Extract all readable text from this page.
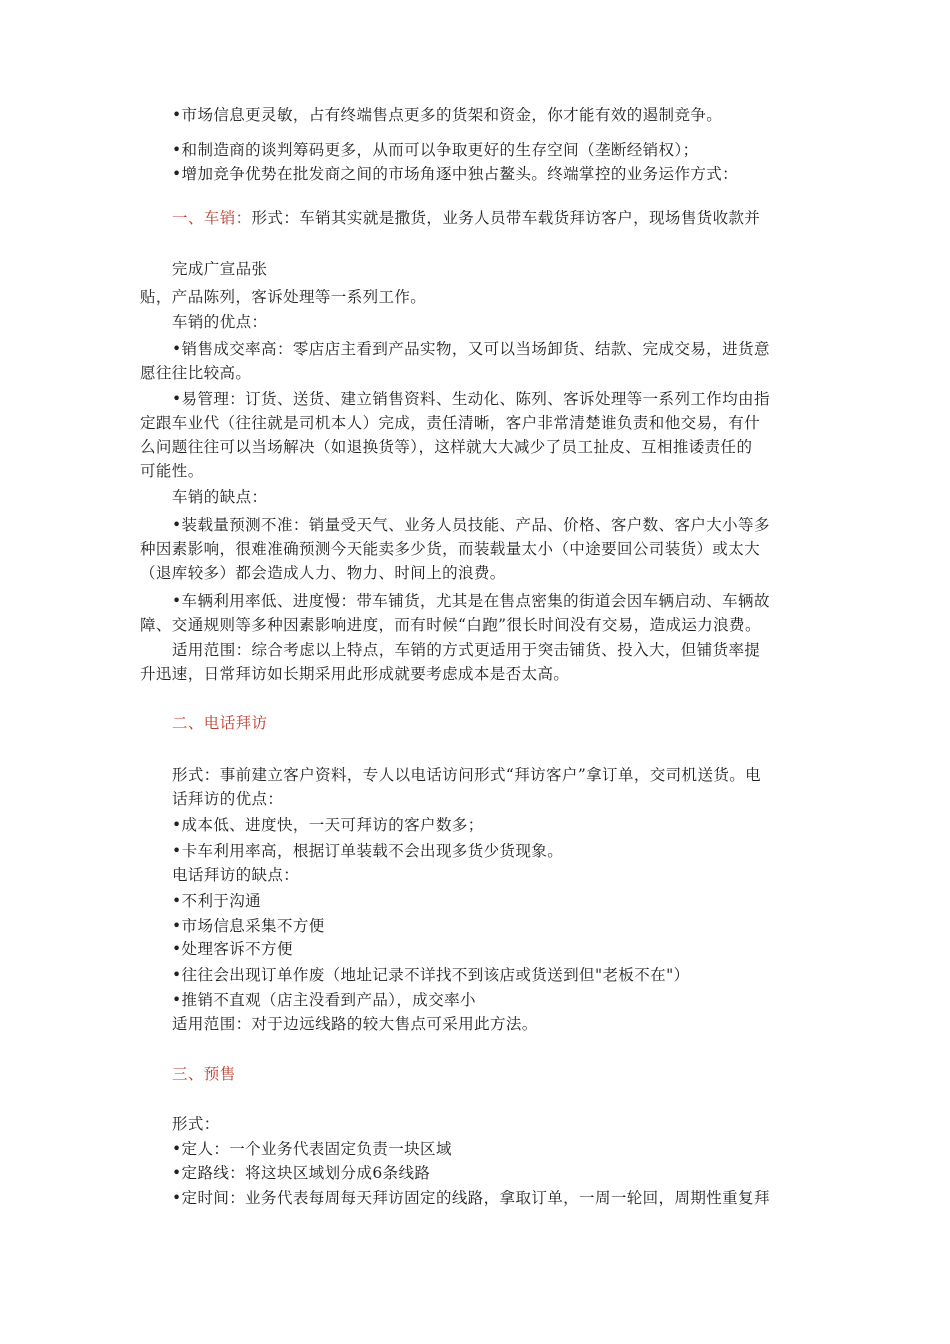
•市场信息更灵敏，占有终端售点更多的货架和资金，你才能有效的遏制竞争。
•和制造商的谈判筹码更多，从而可以争取更好的生存空间（垄断经销权）；
•增加竞争优势在批发商之间的市场角逐中独占鳌头。终端掌控的业务运作方式：
一、车销：形式：车销其实就是撒货，业务人员带车载货拜访客户，现场售货收款并
完成广宣品张
贴，产品陈列，客诉处理等一系列工作。
车销的优点：
•销售成交率高：零店店主看到产品实物，又可以当场卸货、结款、完成交易，进货意
愿往往比较高。
•易管理：订货、送货、建立销售资料、生动化、陈列、客诉处理等一系列工作均由指
定跟车业代（往往就是司机本人）完成，责任清晰，客户非常清楚谁负责和他交易，有什
么问题往往可以当场解决（如退换货等），这样就大大减少了员工扯皮、互相推诿责任的
可能性。
车销的缺点：
•装载量预测不准：销量受天气、业务人员技能、产品、价格、客户数、客户大小等多
种因素影响，很难准确预测今天能卖多少货，而装载量太小（中途要回公司装货）或太大
（退库较多）都会造成人力、物力、时间上的浪费。
•车辆利用率低、进度慢：带车铺货，尤其是在售点密集的街道会因车辆启动、车辆故
障、交通规则等多种因素影响进度，而有时候“白跑”很长时间没有交易，造成运力浪费。
适用范围：综合考虑以上特点，车销的方式更适用于突击铺货、投入大，但铺货率提
升迅速，日常拜访如长期采用此形成就要考虑成本是否太高。
二、电话拜访
形式：事前建立客户资料，专人以电话访问形式“拜访客户”拿订单，交司机送货。电
话拜访的优点：
•成本低、进度快，一天可拜访的客户数多；
•卡车利用率高，根据订单装载不会出现多货少货现象。
电话拜访的缺点：
•不利于沟通
•市场信息采集不方便
•处理客诉不方便
•往往会出现订单作废（地址记录不详找不到该店或货送到但"老板不在"）
•推销不直观（店主没看到产品），成交率小
适用范围：对于边远线路的较大售点可采用此方法。
三、预售
形式：
•定人：一个业务代表固定负责一块区域
•定路线：将这块区域划分成6条线路
•定时间：业务代表每周每天拜访固定的线路，拿取订单，一周一轮回，周期性重复拜
